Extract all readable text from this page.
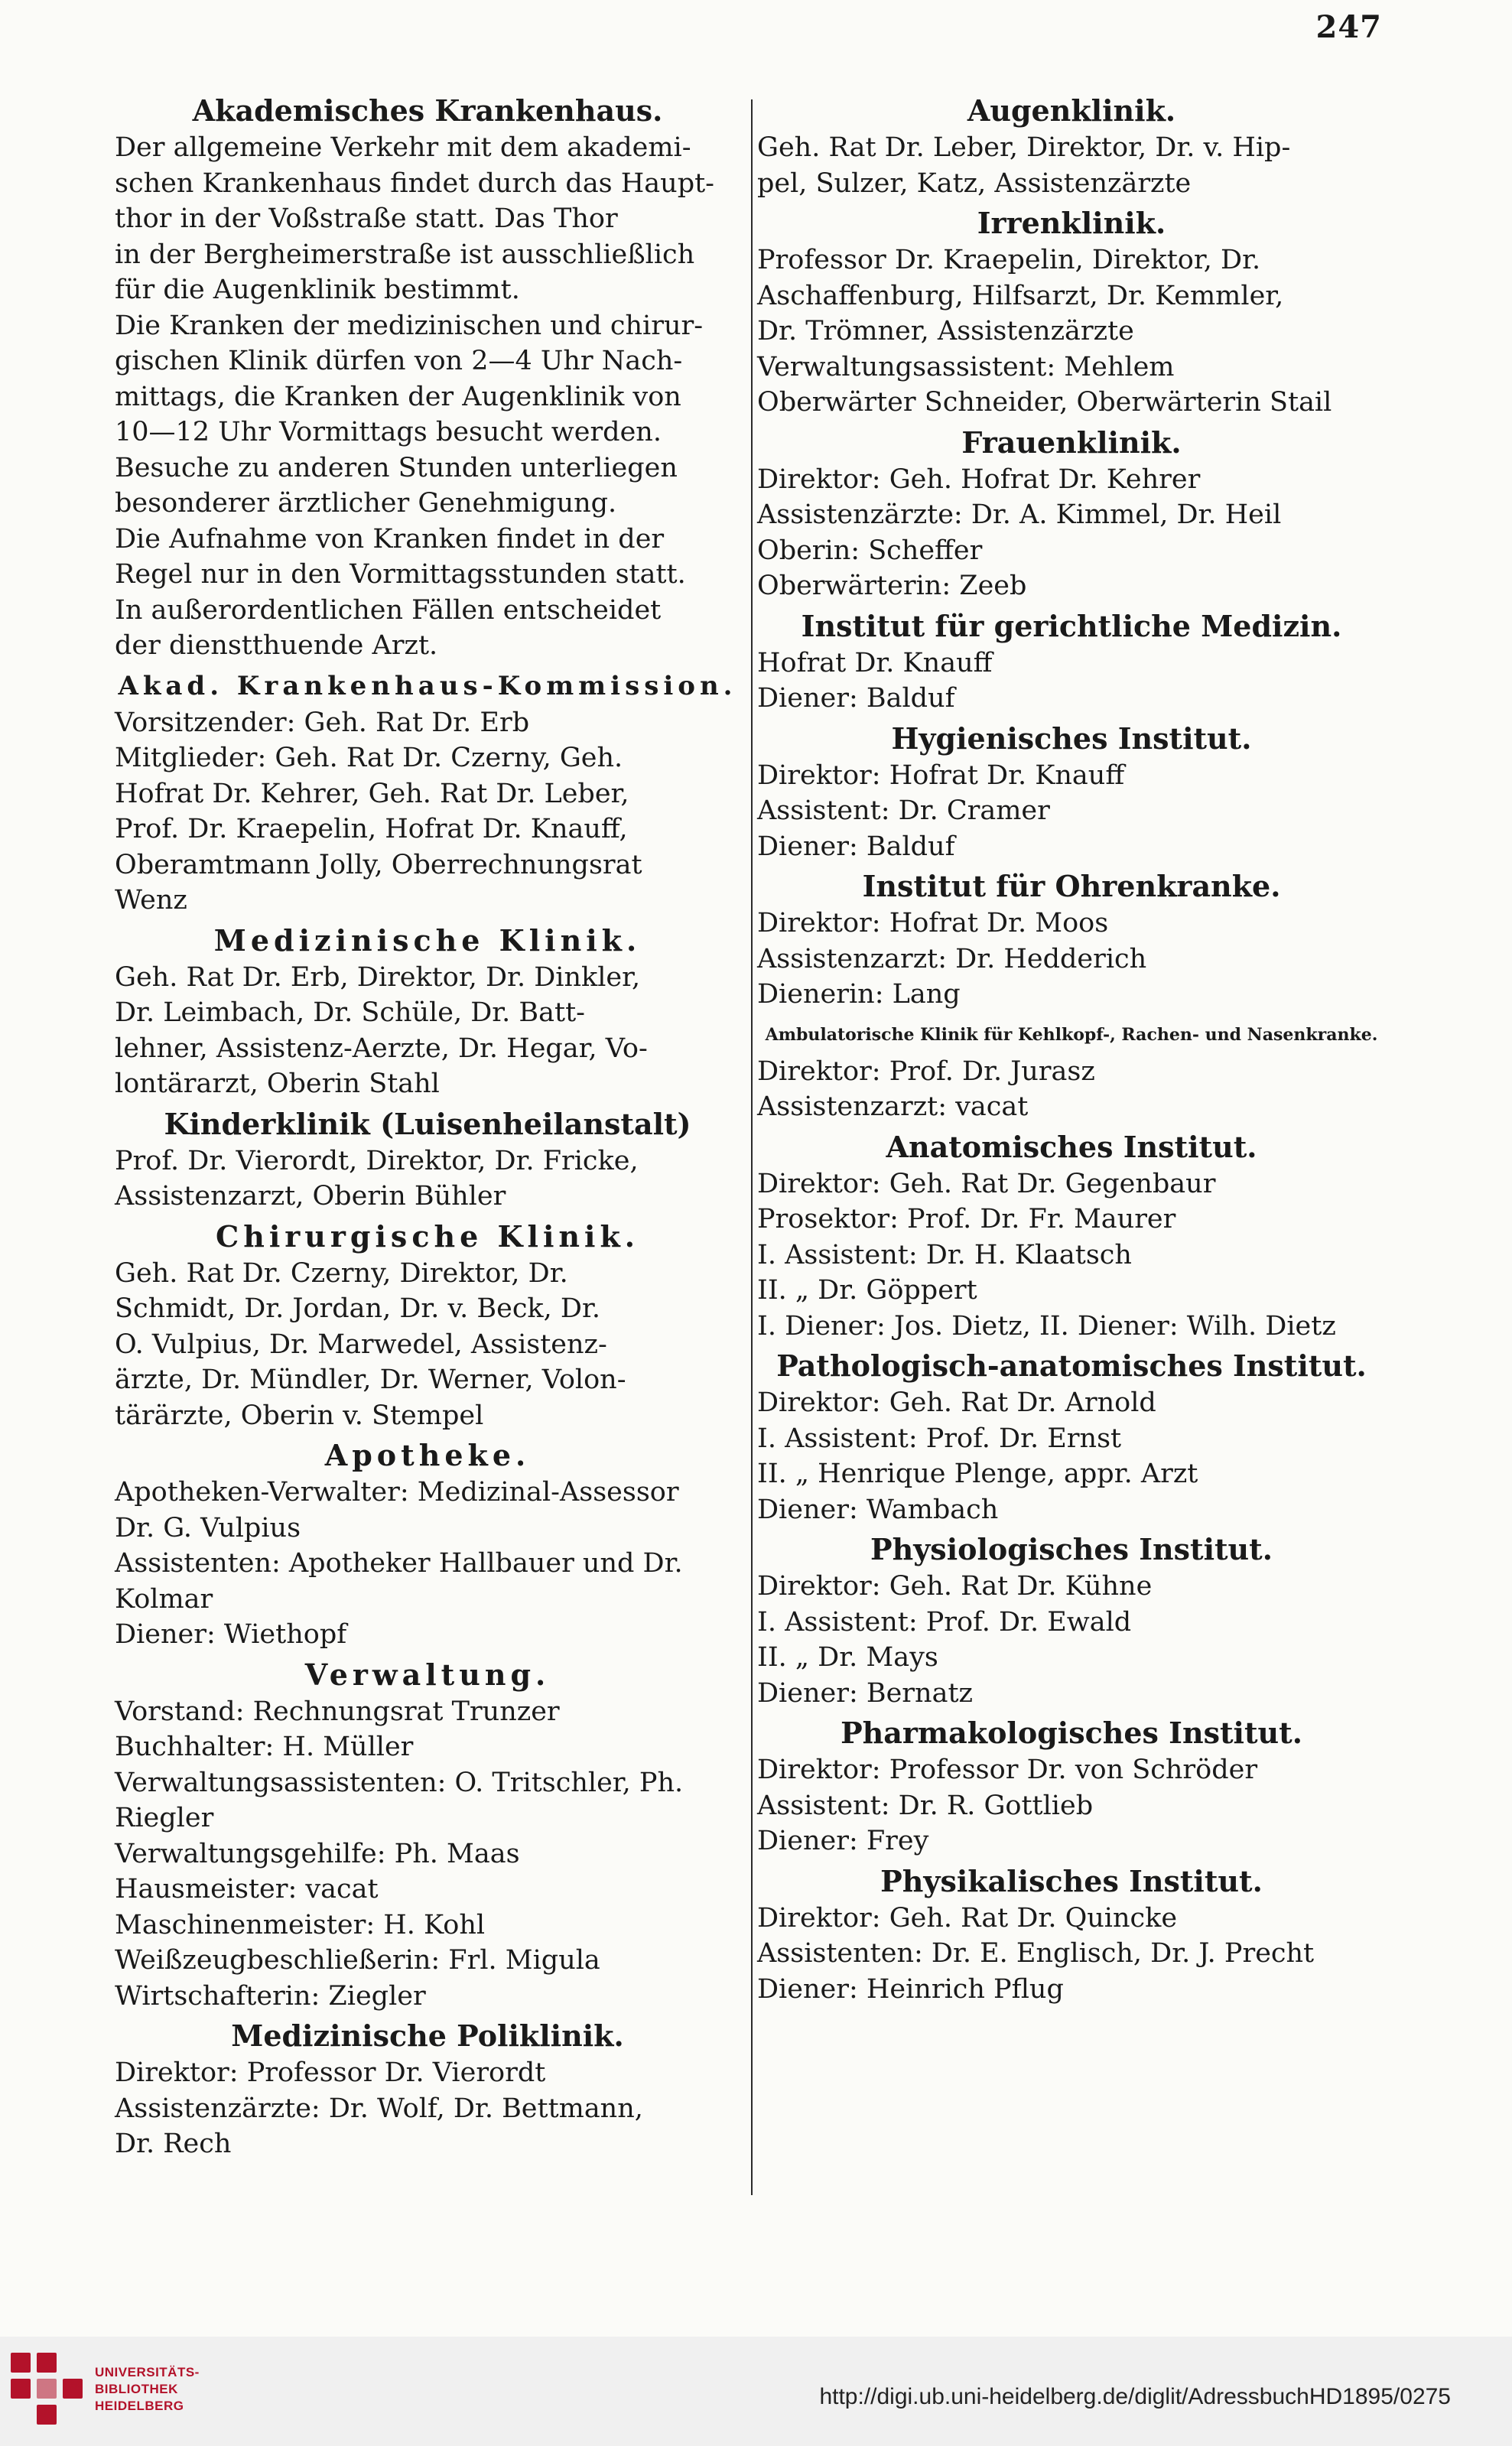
247
Akademisches Krankenhaus.
Der allgemeine Verkehr mit dem akademi-
schen Krankenhaus findet durch das Haupt-
thor in der Voßstraße statt. Das Thor
in der Bergheimerstraße ist ausschließlich
für die Augenklinik bestimmt.
Die Kranken der medizinischen und chirur-
gischen Klinik dürfen von 2—4 Uhr Nach-
mittags, die Kranken der Augenklinik von
10—12 Uhr Vormittags besucht werden.
Besuche zu anderen Stunden unterliegen
besonderer ärztlicher Genehmigung.
Die Aufnahme von Kranken findet in der
Regel nur in den Vormittagsstunden statt.
In außerordentlichen Fällen entscheidet
der dienstthuende Arzt.
Akad. Krankenhaus-Kommission.
Vorsitzender: Geh. Rat Dr. Erb
Mitglieder: Geh. Rat Dr. Czerny, Geh.
Hofrat Dr. Kehrer, Geh. Rat Dr. Leber,
Prof. Dr. Kraepelin, Hofrat Dr. Knauff,
Oberamtmann Jolly, Oberrechnungsrat
Wenz
Medizinische Klinik.
Geh. Rat Dr. Erb, Direktor, Dr. Dinkler,
Dr. Leimbach, Dr. Schüle, Dr. Batt-
lehner, Assistenz-Aerzte, Dr. Hegar, Vo-
lontärarzt, Oberin Stahl
Kinderklinik (Luisenheilanstalt)
Prof. Dr. Vierordt, Direktor, Dr. Fricke,
Assistenzarzt, Oberin Bühler
Chirurgische Klinik.
Geh. Rat Dr. Czerny, Direktor, Dr.
Schmidt, Dr. Jordan, Dr. v. Beck, Dr.
O. Vulpius, Dr. Marwedel, Assistenz-
ärzte, Dr. Mündler, Dr. Werner, Volon-
tärärzte, Oberin v. Stempel
Apotheke.
Apotheken-Verwalter: Medizinal-Assessor
Dr. G. Vulpius
Assistenten: Apotheker Hallbauer und Dr.
Kolmar
Diener: Wiethopf
Verwaltung.
Vorstand: Rechnungsrat Trunzer
Buchhalter: H. Müller
Verwaltungsassistenten: O. Tritschler, Ph.
Riegler
Verwaltungsgehilfe: Ph. Maas
Hausmeister: vacat
Maschinenmeister: H. Kohl
Weißzeugbeschließerin: Frl. Migula
Wirtschafterin: Ziegler
Medizinische Poliklinik.
Direktor: Professor Dr. Vierordt
Assistenzärzte: Dr. Wolf, Dr. Bettmann,
Dr. Rech
Augenklinik.
Geh. Rat Dr. Leber, Direktor, Dr. v. Hip-
pel, Sulzer, Katz, Assistenzärzte
Irrenklinik.
Professor Dr. Kraepelin, Direktor, Dr.
Aschaffenburg, Hilfsarzt, Dr. Kemmler,
Dr. Trömner, Assistenzärzte
Verwaltungsassistent: Mehlem
Oberwärter Schneider, Oberwärterin Stail
Frauenklinik.
Direktor: Geh. Hofrat Dr. Kehrer
Assistenzärzte: Dr. A. Kimmel, Dr. Heil
Oberin: Scheffer
Oberwärterin: Zeeb
Institut für gerichtliche Medizin.
Hofrat Dr. Knauff
Diener: Balduf
Hygienisches Institut.
Direktor: Hofrat Dr. Knauff
Assistent: Dr. Cramer
Diener: Balduf
Institut für Ohrenkranke.
Direktor: Hofrat Dr. Moos
Assistenzarzt: Dr. Hedderich
Dienerin: Lang
Ambulatorische Klinik für Kehlkopf-, Rachen- und Nasenkranke.
Direktor: Prof. Dr. Jurasz
Assistenzarzt: vacat
Anatomisches Institut.
Direktor: Geh. Rat Dr. Gegenbaur
Prosektor: Prof. Dr. Fr. Maurer
I. Assistent: Dr. H. Klaatsch
II. „ Dr. Göppert
I. Diener: Jos. Dietz, II. Diener: Wilh. Dietz
Pathologisch-anatomisches Institut.
Direktor: Geh. Rat Dr. Arnold
I. Assistent: Prof. Dr. Ernst
II. „ Henrique Plenge, appr. Arzt
Diener: Wambach
Physiologisches Institut.
Direktor: Geh. Rat Dr. Kühne
I. Assistent: Prof. Dr. Ewald
II. „ Dr. Mays
Diener: Bernatz
Pharmakologisches Institut.
Direktor: Professor Dr. von Schröder
Assistent: Dr. R. Gottlieb
Diener: Frey
Physikalisches Institut.
Direktor: Geh. Rat Dr. Quincke
Assistenten: Dr. E. Englisch, Dr. J. Precht
Diener: Heinrich Pflug
UNIVERSITÄTS-
BIBLIOTHEK
HEIDELBERG	http://digi.ub.uni-heidelberg.de/diglit/AdressbuchHD1895/0275
